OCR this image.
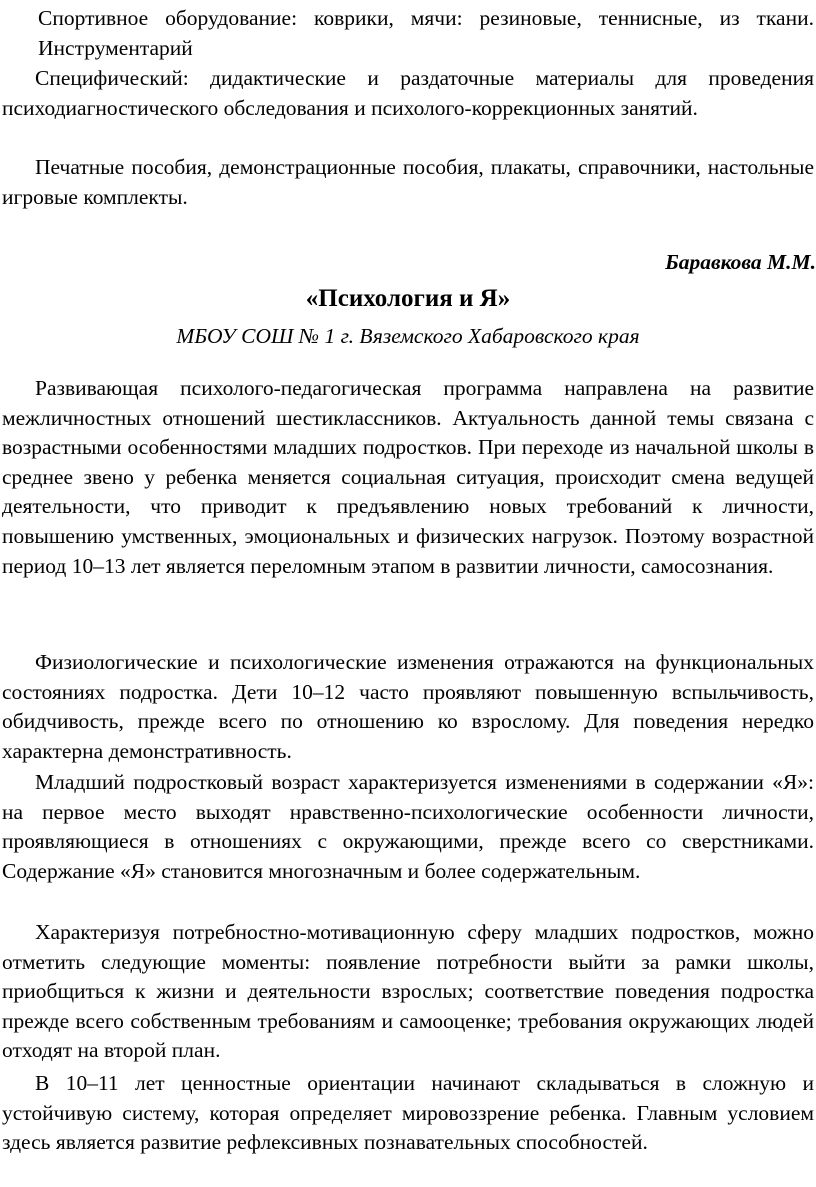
Спортивное оборудование: коврики, мячи: резиновые, теннисные, из ткани. Инструментарий

Специфический: дидактические и раздаточные материалы для проведения психодиагностического обследования и психолого-коррекционных занятий.

Печатные пособия, демонстрационные пособия, плакаты, справочники, настольные игровые комплекты.

Баравкова М.М.
«Психология и Я»
МБОУ СОШ № 1 г. Вяземского Хабаровского края

Развивающая психолого-педагогическая программа направлена на развитие межличностных отношений шестиклассников. Актуальность данной темы связана с возрастными особенностями младших подростков. При переходе из начальной школы в среднее звено у ребенка меняется социальная ситуация, происходит смена ведущей деятельности, что приводит к предъявлению новых требований к личности, повышению умственных, эмоциональных и физических нагрузок. Поэтому возрастной период 10–13 лет является переломным этапом в развитии личности, самосознания.

Физиологические и психологические изменения отражаются на функциональных состояниях подростка. Дети 10–12 часто проявляют повышенную вспыльчивость, обидчивость, прежде всего по отношению ко взрослому. Для поведения нередко характерна демонстративность.

Младший подростковый возраст характеризуется изменениями в содержании «Я»: на первое место выходят нравственно-психологические особенности личности, проявляющиеся в отношениях с окружающими, прежде всего со сверстниками. Содержание «Я» становится многозначным и более содержательным.

Характеризуя потребностно-мотивационную сферу младших подростков, можно отметить следующие моменты: появление потребности выйти за рамки школы, приобщиться к жизни и деятельности взрослых; соответствие поведения подростка прежде всего собственным требованиям и самооценке; требования окружающих людей отходят на второй план.

В 10–11 лет ценностные ориентации начинают складываться в сложную и устойчивую систему, которая определяет мировоззрение ребенка. Главным условием здесь является развитие рефлексивных познавательных способностей.
